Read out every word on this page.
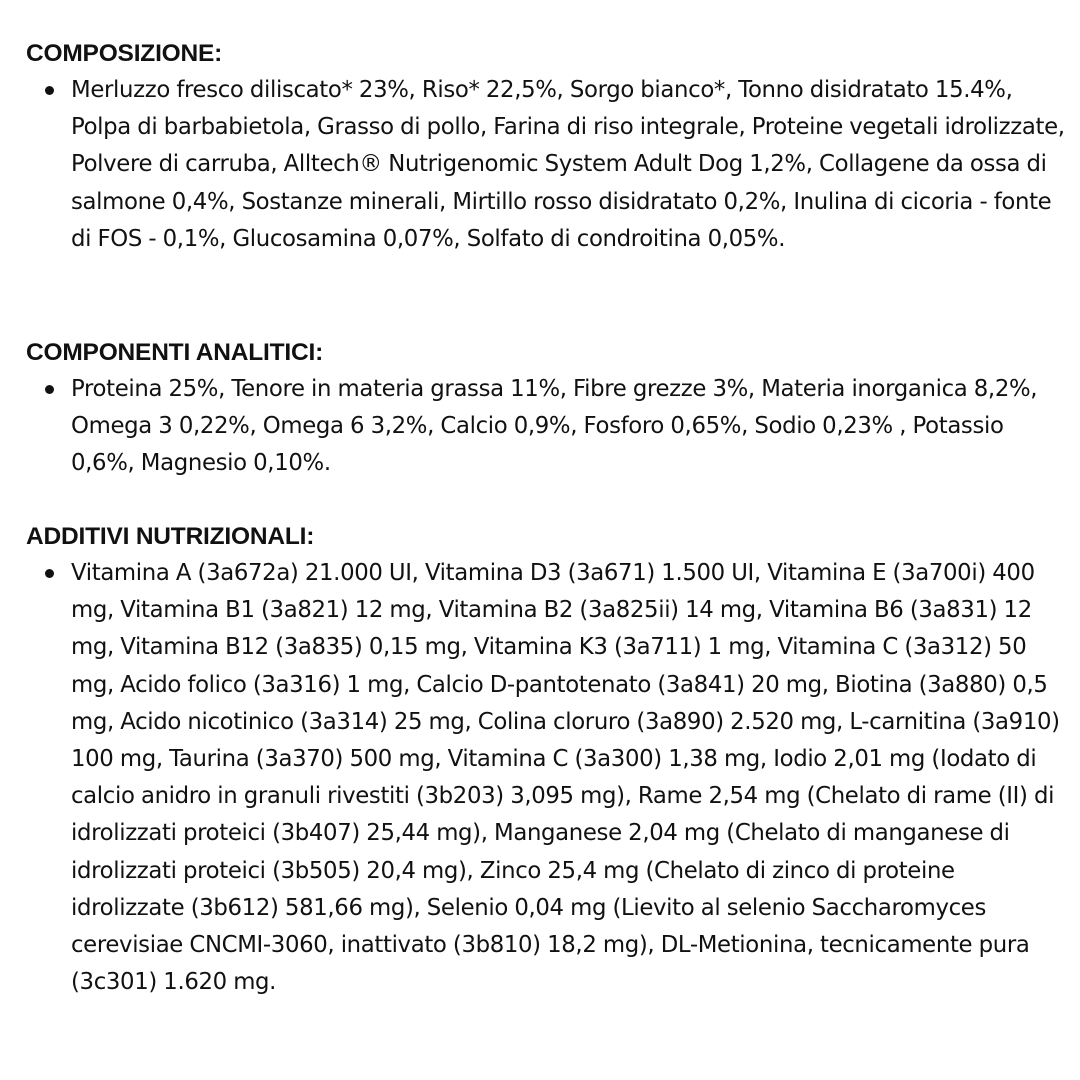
COMPOSIZIONE:

Merluzzo fresco diliscato* 23%, Riso* 22,5%, Sorgo bianco*, Tonno disidratato 15.4%, Polpa di barbabietola, Grasso di pollo, Farina di riso integrale, Proteine vegetali idrolizzate, Polvere di carruba, Alltech® Nutrigenomic System Adult Dog 1,2%, Collagene da ossa di salmone 0,4%, Sostanze minerali, Mirtillo rosso disidratato 0,2%, Inulina di cicoria - fonte di FOS - 0,1%, Glucosamina 0,07%, Solfato di condroitina 0,05%.

COMPONENTI ANALITICI:

Proteina 25%, Tenore in materia grassa 11%, Fibre grezze 3%, Materia inorganica 8,2%, Omega 3 0,22%, Omega 6 3,2%, Calcio 0,9%, Fosforo 0,65%, Sodio 0,23% , Potassio 0,6%, Magnesio 0,10%.

ADDITIVI NUTRIZIONALI:

Vitamina A (3a672a) 21.000 UI, Vitamina D3 (3a671) 1.500 UI, Vitamina E (3a700i) 400 mg, Vitamina B1 (3a821) 12 mg, Vitamina B2 (3a825ii) 14 mg, Vitamina B6 (3a831) 12 mg, Vitamina B12 (3a835) 0,15 mg, Vitamina K3 (3a711) 1 mg, Vitamina C (3a312) 50 mg, Acido folico (3a316) 1 mg, Calcio D-pantotenato (3a841) 20 mg, Biotina (3a880) 0,5 mg, Acido nicotinico (3a314) 25 mg, Colina cloruro (3a890) 2.520 mg, L-carnitina (3a910) 100 mg, Taurina (3a370) 500 mg, Vitamina C (3a300) 1,38 mg, Iodio 2,01 mg (Iodato di calcio anidro in granuli rivestiti (3b203) 3,095 mg), Rame 2,54 mg (Chelato di rame (II) di idrolizzati proteici (3b407) 25,44 mg), Manganese 2,04 mg (Chelato di manganese di idrolizzati proteici (3b505) 20,4 mg), Zinco 25,4 mg (Chelato di zinco di proteine idrolizzate (3b612) 581,66 mg), Selenio 0,04 mg (Lievito al selenio Saccharomyces cerevisiae CNCMI-3060, inattivato (3b810) 18,2 mg), DL-Metionina, tecnicamente pura (3c301) 1.620 mg.
